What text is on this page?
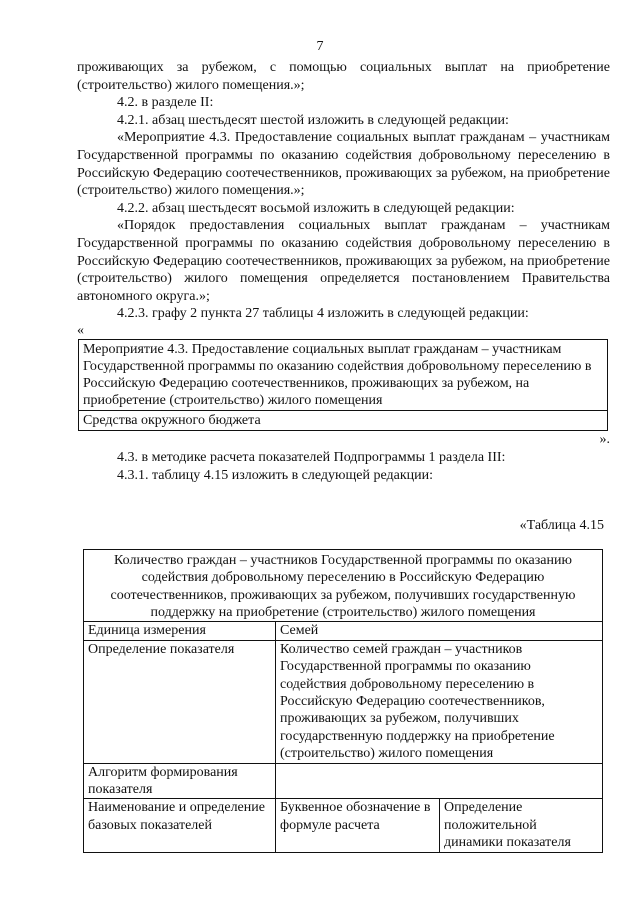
7

проживающих за рубежом, с помощью социальных выплат на приобретение (строительство) жилого помещения.»;

4.2. в разделе II:

4.2.1. абзац шестьдесят шестой изложить в следующей редакции:

«Мероприятие 4.3. Предоставление социальных выплат гражданам – участникам Государственной программы по оказанию содействия добровольному переселению в Российскую Федерацию соотечественников, проживающих за рубежом, на приобретение (строительство) жилого помещения.»;

4.2.2. абзац шестьдесят восьмой изложить в следующей редакции:

«Порядок предоставления социальных выплат гражданам – участникам Государственной программы по оказанию содействия добровольному переселению в Российскую Федерацию соотечественников, проживающих за рубежом, на приобретение (строительство) жилого помещения определяется постановлением Правительства автономного округа.»;

4.2.3. графу 2 пункта 27 таблицы 4 изложить в следующей редакции:

«

Мероприятие 4.3. Предоставление социальных выплат гражданам – участникам Государственной программы по оказанию содействия добровольному переселению в Российскую Федерацию соотечественников, проживающих за рубежом, на приобретение (строительство) жилого помещения
Средства окружного бюджета

».

4.3. в методике расчета показателей Подпрограммы 1 раздела III:

4.3.1. таблицу 4.15 изложить в следующей редакции:

«Таблица 4.15

Количество граждан – участников Государственной программы по оказанию содействия добровольному переселению в Российскую Федерацию соотечественников, проживающих за рубежом, получивших государственную поддержку на приобретение (строительство) жилого помещения		
Единица измерения	Семей	
Определение показателя	Количество семей граждан – участников Государственной программы по оказанию содействия добровольному переселению в Российскую Федерацию соотечественников, проживающих за рубежом, получивших государственную поддержку на приобретение (строительство) жилого помещения	
Алгоритм формирования показателя		
Наименование и определение базовых показателей	Буквенное обозначение в формуле расчета	Определение положительной динамики показателя
